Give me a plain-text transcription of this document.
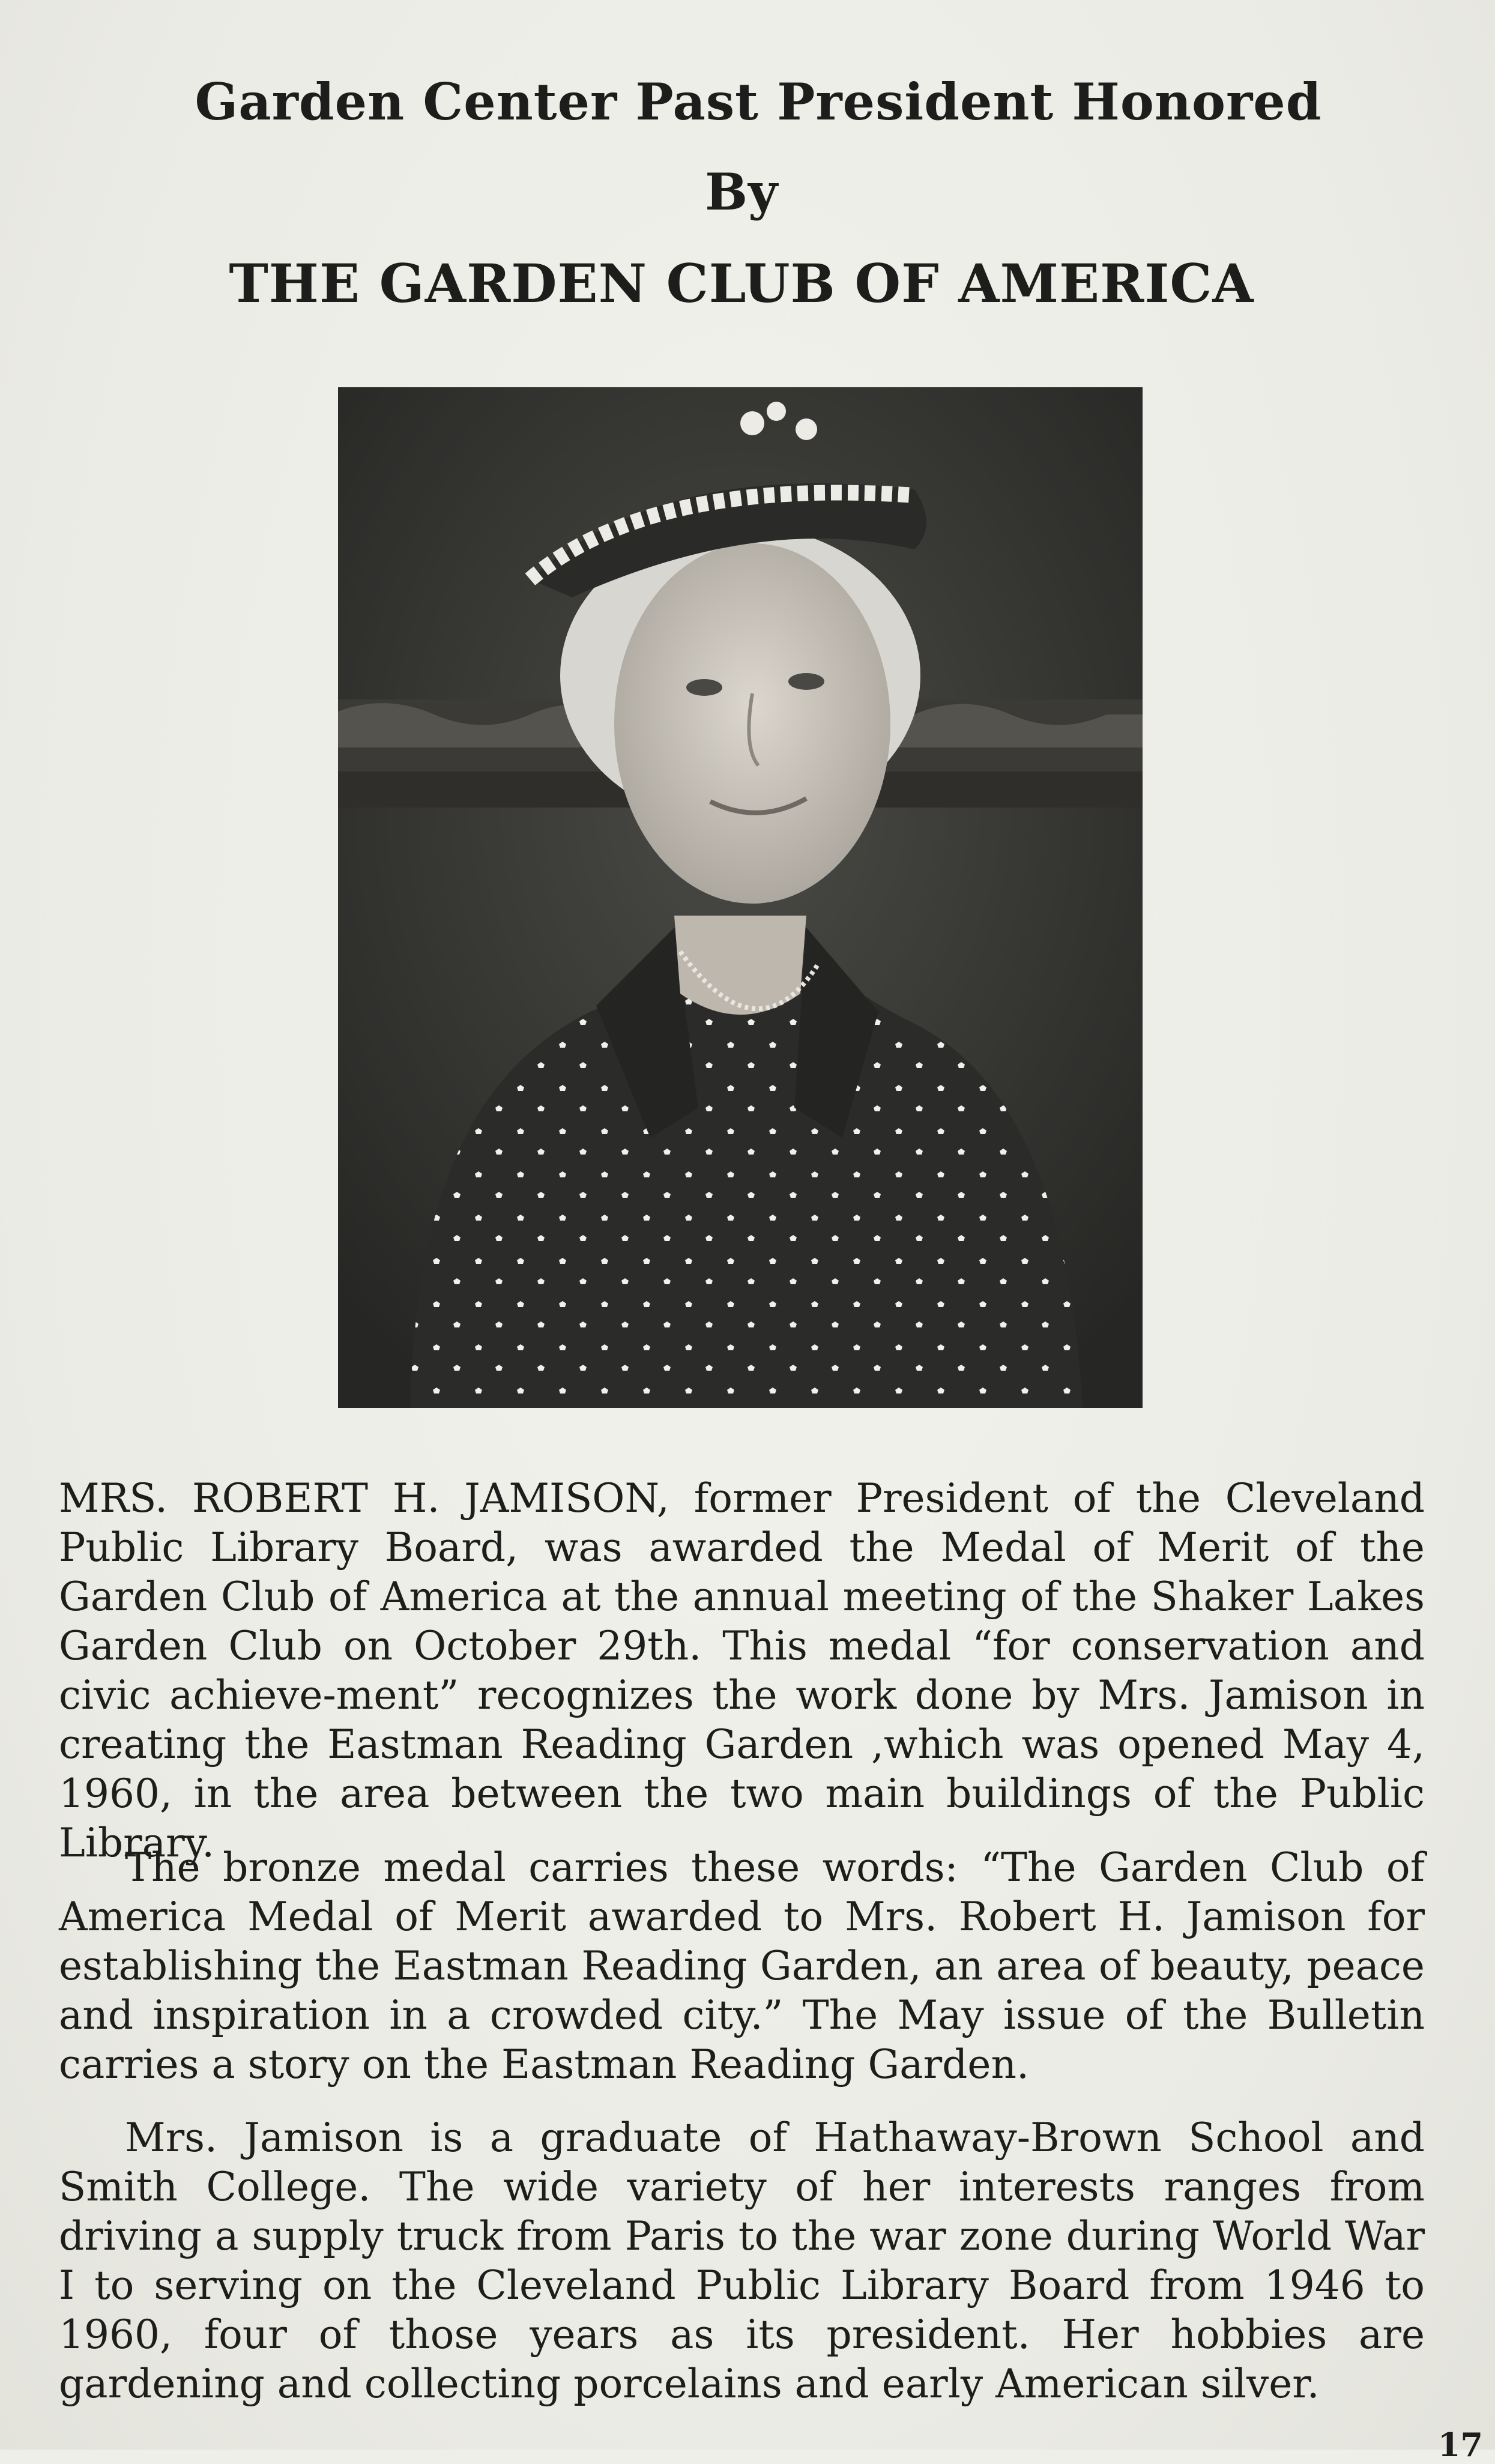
Garden Center Past President Honored
By
THE GARDEN CLUB OF AMERICA

MRS. ROBERT H. JAMISON, former President of the Cleveland Public Library Board, was awarded the Medal of Merit of the Garden Club of America at the annual meeting of the Shaker Lakes Garden Club on October 29th. This medal “for conservation and civic achieve-ment” recognizes the work done by Mrs. Jamison in creating the Eastman Reading Garden ,which was opened May 4, 1960, in the area between the two main buildings of the Public Library.

The bronze medal carries these words: “The Garden Club of America Medal of Merit awarded to Mrs. Robert H. Jamison for establishing the Eastman Reading Garden, an area of beauty, peace and inspiration in a crowded city.” The May issue of the Bulletin carries a story on the Eastman Reading Garden.

Mrs. Jamison is a graduate of Hathaway-Brown School and Smith College. The wide variety of her interests ranges from driving a supply truck from Paris to the war zone during World War I to serving on the Cleveland Public Library Board from 1946 to 1960, four of those years as its president. Her hobbies are gardening and collecting porcelains and early American silver.

17
